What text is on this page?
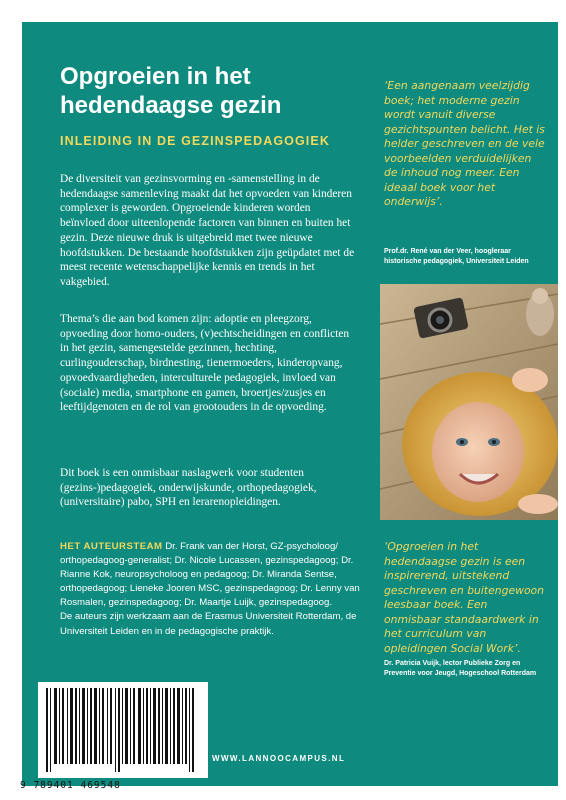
Opgroeien in het hedendaagse gezin
INLEIDING IN DE GEZINSPEDAGOGIEK

De diversiteit van gezinsvorming en -samenstelling in de hedendaagse samenleving maakt dat het opvoeden van kinderen complexer is geworden. Opgroeiende kinderen worden beïnvloed door uiteenlopende factoren van binnen en buiten het gezin. Deze nieuwe druk is uitgebreid met twee nieuwe hoofdstukken. De bestaande hoofdstukken zijn geüpdatet met de meest recente wetenschappelijke kennis en trends in het vakgebied.

Thema’s die aan bod komen zijn: adoptie en pleegzorg, opvoeding door homo-ouders, (v)echtscheidingen en conflicten in het gezin, samengestelde gezinnen, hechting, curlingouderschap, birdnesting, tienermoeders, kinderopvang, opvoedvaardigheden, interculturele pedagogiek, invloed van (sociale) media, smartphone en gamen, broertjes/zusjes en leeftijdgenoten en de rol van grootouders in de opvoeding.

Dit boek is een onmisbaar naslagwerk voor studenten (gezins-)pedagogiek, onderwijskunde, orthopedagogiek, (universitaire) pabo, SPH en lerarenopleidingen.

HET AUTEURSTEAM Dr. Frank van der Horst, GZ-psycholoog/ orthopedagoog-generalist; Dr. Nicole Lucassen, gezinspedagoog; Dr. Rianne Kok, neuropsycholoog en pedagoog; Dr. Miranda Sentse, orthopedagoog; Lieneke Jooren MSC, gezinspedagoog; Dr. Lenny van Rosmalen, gezinspedagoog; Dr. Maartje Luijk, gezinspedagoog.
De auteurs zijn werkzaam aan de Erasmus Universiteit Rotterdam, de Universiteit Leiden en in de pedagogische praktijk.

‘Een aangenaam veelzijdig boek; het moderne gezin wordt vanuit diverse gezichtspunten belicht. Het is helder geschreven en de vele voorbeelden verduidelijken de inhoud nog meer. Een ideaal boek voor het onderwijs’.

Prof.dr. René van der Veer, hoogleraar historische pedagogiek, Universiteit Leiden

‘Opgroeien in het hedendaagse gezin is een inspirerend, uitstekend geschreven en buitengewoon leesbaar boek. Een onmisbaar standaardwerk in het curriculum van opleidingen Social Work’.

Dr. Patricia Vuijk, lector Publieke Zorg en Preventie voor Jeugd, Hogeschool Rotterdam

WWW.LANNOOCAMPUS.NL
9 789401 469548
